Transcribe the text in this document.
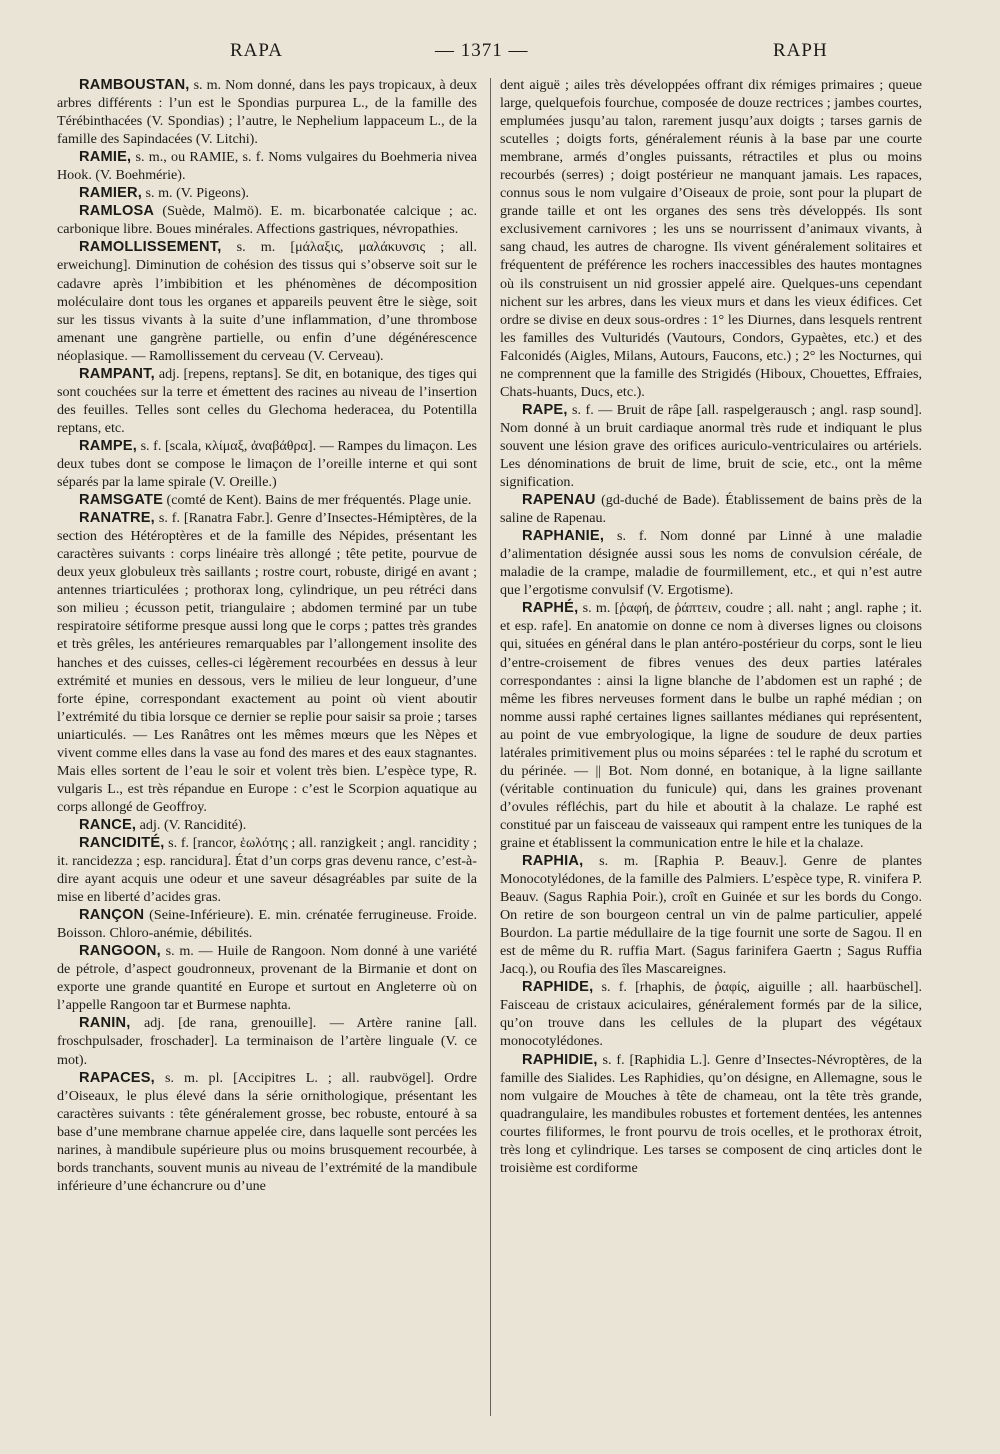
RAPA	— 1371 —	RAPH

RAMBOUSTAN, s. m. Nom donné, dans les pays tropicaux, à deux arbres différents : l’un est le Spondias purpurea L., de la famille des Térébinthacées (V. Spondias) ; l’autre, le Nephelium lappaceum L., de la famille des Sapindacées (V. Litchi).

RAMIE, s. m., ou RAMIE, s. f. Noms vulgaires du Boehmeria nivea Hook. (V. Boehmérie).

RAMIER, s. m. (V. Pigeons).

RAMLOSA (Suède, Malmö). E. m. bicarbonatée calcique ; ac. carbonique libre. Boues minérales. Affections gastriques, névropathies.

RAMOLLISSEMENT, s. m. [μάλαξις, μαλάκυνσις ; all. erweichung]. Diminution de cohésion des tissus qui s’observe soit sur le cadavre après l’imbibition et les phénomènes de décomposition moléculaire dont tous les organes et appareils peuvent être le siège, soit sur les tissus vivants à la suite d’une inflammation, d’une thrombose amenant une gangrène partielle, ou enfin d’une dégénérescence néoplasique. — Ramollissement du cerveau (V. Cerveau).

RAMPANT, adj. [repens, reptans]. Se dit, en botanique, des tiges qui sont couchées sur la terre et émettent des racines au niveau de l’insertion des feuilles. Telles sont celles du Glechoma hederacea, du Potentilla reptans, etc.

RAMPE, s. f. [scala, κλίμαξ, ἀναβάθρα]. — Rampes du limaçon. Les deux tubes dont se compose le limaçon de l’oreille interne et qui sont séparés par la lame spirale (V. Oreille.)

RAMSGATE (comté de Kent). Bains de mer fréquentés. Plage unie.

RANATRE, s. f. [Ranatra Fabr.]. Genre d’Insectes-Hémiptères, de la section des Hétéroptères et de la famille des Népides, présentant les caractères suivants : corps linéaire très allongé ; tête petite, pourvue de deux yeux globuleux très saillants ; rostre court, robuste, dirigé en avant ; antennes triarticulées ; prothorax long, cylindrique, un peu rétréci dans son milieu ; écusson petit, triangulaire ; abdomen terminé par un tube respiratoire sétiforme presque aussi long que le corps ; pattes très grandes et très grêles, les antérieures remarquables par l’allongement insolite des hanches et des cuisses, celles-ci légèrement recourbées en dessus à leur extrémité et munies en dessous, vers le milieu de leur longueur, d’une forte épine, correspondant exactement au point où vient aboutir l’extrémité du tibia lorsque ce dernier se replie pour saisir sa proie ; tarses uniarticulés. — Les Ranâtres ont les mêmes mœurs que les Nèpes et vivent comme elles dans la vase au fond des mares et des eaux stagnantes. Mais elles sortent de l’eau le soir et volent très bien. L’espèce type, R. vulgaris L., est très répandue en Europe : c’est le Scorpion aquatique au corps allongé de Geoffroy.

RANCE, adj. (V. Rancidité).

RANCIDITÉ, s. f. [rancor, ἑωλότης ; all. ranzigkeit ; angl. rancidity ; it. rancidezza ; esp. rancidura]. État d’un corps gras devenu rance, c’est-à-dire ayant acquis une odeur et une saveur désagréables par suite de la mise en liberté d’acides gras.

RANÇON (Seine-Inférieure). E. min. crénatée ferrugineuse. Froide. Boisson. Chloro-anémie, débilités.

RANGOON, s. m. — Huile de Rangoon. Nom donné à une variété de pétrole, d’aspect goudronneux, provenant de la Birmanie et dont on exporte une grande quantité en Europe et surtout en Angleterre où on l’appelle Rangoon tar et Burmese naphta.

RANIN, adj. [de rana, grenouille]. — Artère ranine [all. froschpulsader, froschader]. La terminaison de l’artère linguale (V. ce mot).

RAPACES, s. m. pl. [Accipitres L. ; all. raubvögel]. Ordre d’Oiseaux, le plus élevé dans la série ornithologique, présentant les caractères suivants : tête généralement grosse, bec robuste, entouré à sa base d’une membrane charnue appelée cire, dans laquelle sont percées les narines, à mandibule supérieure plus ou moins brusquement recourbée, à bords tranchants, souvent munis au niveau de l’extrémité de la mandibule inférieure d’une échancrure ou d’une

dent aiguë ; ailes très développées offrant dix rémiges primaires ; queue large, quelquefois fourchue, composée de douze rectrices ; jambes courtes, emplumées jusqu’au talon, rarement jusqu’aux doigts ; tarses garnis de scutelles ; doigts forts, généralement réunis à la base par une courte membrane, armés d’ongles puissants, rétractiles et plus ou moins recourbés (serres) ; doigt postérieur ne manquant jamais. Les rapaces, connus sous le nom vulgaire d’Oiseaux de proie, sont pour la plupart de grande taille et ont les organes des sens très développés. Ils sont exclusivement carnivores ; les uns se nourrissent d’animaux vivants, à sang chaud, les autres de charogne. Ils vivent généralement solitaires et fréquentent de préférence les rochers inaccessibles des hautes montagnes où ils construisent un nid grossier appelé aire. Quelques-uns cependant nichent sur les arbres, dans les vieux murs et dans les vieux édifices. Cet ordre se divise en deux sous-ordres : 1° les Diurnes, dans lesquels rentrent les familles des Vulturidés (Vautours, Condors, Gypaètes, etc.) et des Falconidés (Aigles, Milans, Autours, Faucons, etc.) ; 2° les Nocturnes, qui ne comprennent que la famille des Strigidés (Hiboux, Chouettes, Effraies, Chats-huants, Ducs, etc.).

RAPE, s. f. — Bruit de râpe [all. raspelgerausch ; angl. rasp sound]. Nom donné à un bruit cardiaque anormal très rude et indiquant le plus souvent une lésion grave des orifices auriculo-ventriculaires ou artériels. Les dénominations de bruit de lime, bruit de scie, etc., ont la même signification.

RAPENAU (gd-duché de Bade). Établissement de bains près de la saline de Rapenau.

RAPHANIE, s. f. Nom donné par Linné à une maladie d’alimentation désignée aussi sous les noms de convulsion céréale, de maladie de la crampe, maladie de fourmillement, etc., et qui n’est autre que l’ergotisme convulsif (V. Ergotisme).

RAPHÉ, s. m. [ῥαφή, de ῥάπτειν, coudre ; all. naht ; angl. raphe ; it. et esp. rafe]. En anatomie on donne ce nom à diverses lignes ou cloisons qui, situées en général dans le plan antéro-postérieur du corps, sont le lieu d’entre-croisement de fibres venues des deux parties latérales correspondantes : ainsi la ligne blanche de l’abdomen est un raphé ; de même les fibres nerveuses forment dans le bulbe un raphé médian ; on nomme aussi raphé certaines lignes saillantes médianes qui représentent, au point de vue embryologique, la ligne de soudure de deux parties latérales primitivement plus ou moins séparées : tel le raphé du scrotum et du périnée. — || Bot. Nom donné, en botanique, à la ligne saillante (véritable continuation du funicule) qui, dans les graines provenant d’ovules réfléchis, part du hile et aboutit à la chalaze. Le raphé est constitué par un faisceau de vaisseaux qui rampent entre les tuniques de la graine et établissent la communication entre le hile et la chalaze.

RAPHIA, s. m. [Raphia P. Beauv.]. Genre de plantes Monocotylédones, de la famille des Palmiers. L’espèce type, R. vinifera P. Beauv. (Sagus Raphia Poir.), croît en Guinée et sur les bords du Congo. On retire de son bourgeon central un vin de palme particulier, appelé Bourdon. La partie médullaire de la tige fournit une sorte de Sagou. Il en est de même du R. ruffia Mart. (Sagus farinifera Gaertn ; Sagus Ruffia Jacq.), ou Roufia des îles Mascareignes.

RAPHIDE, s. f. [rhaphis, de ῥαφίς, aiguille ; all. haarbüschel]. Faisceau de cristaux aciculaires, généralement formés par de la silice, qu’on trouve dans les cellules de la plupart des végétaux monocotylédones.

RAPHIDIE, s. f. [Raphidia L.]. Genre d’Insectes-Névroptères, de la famille des Sialides. Les Raphidies, qu’on désigne, en Allemagne, sous le nom vulgaire de Mouches à tête de chameau, ont la tête très grande, quadrangulaire, les mandibules robustes et fortement dentées, les antennes courtes filiformes, le front pourvu de trois ocelles, et le prothorax étroit, très long et cylindrique. Les tarses se composent de cinq articles dont le troisième est cordiforme
